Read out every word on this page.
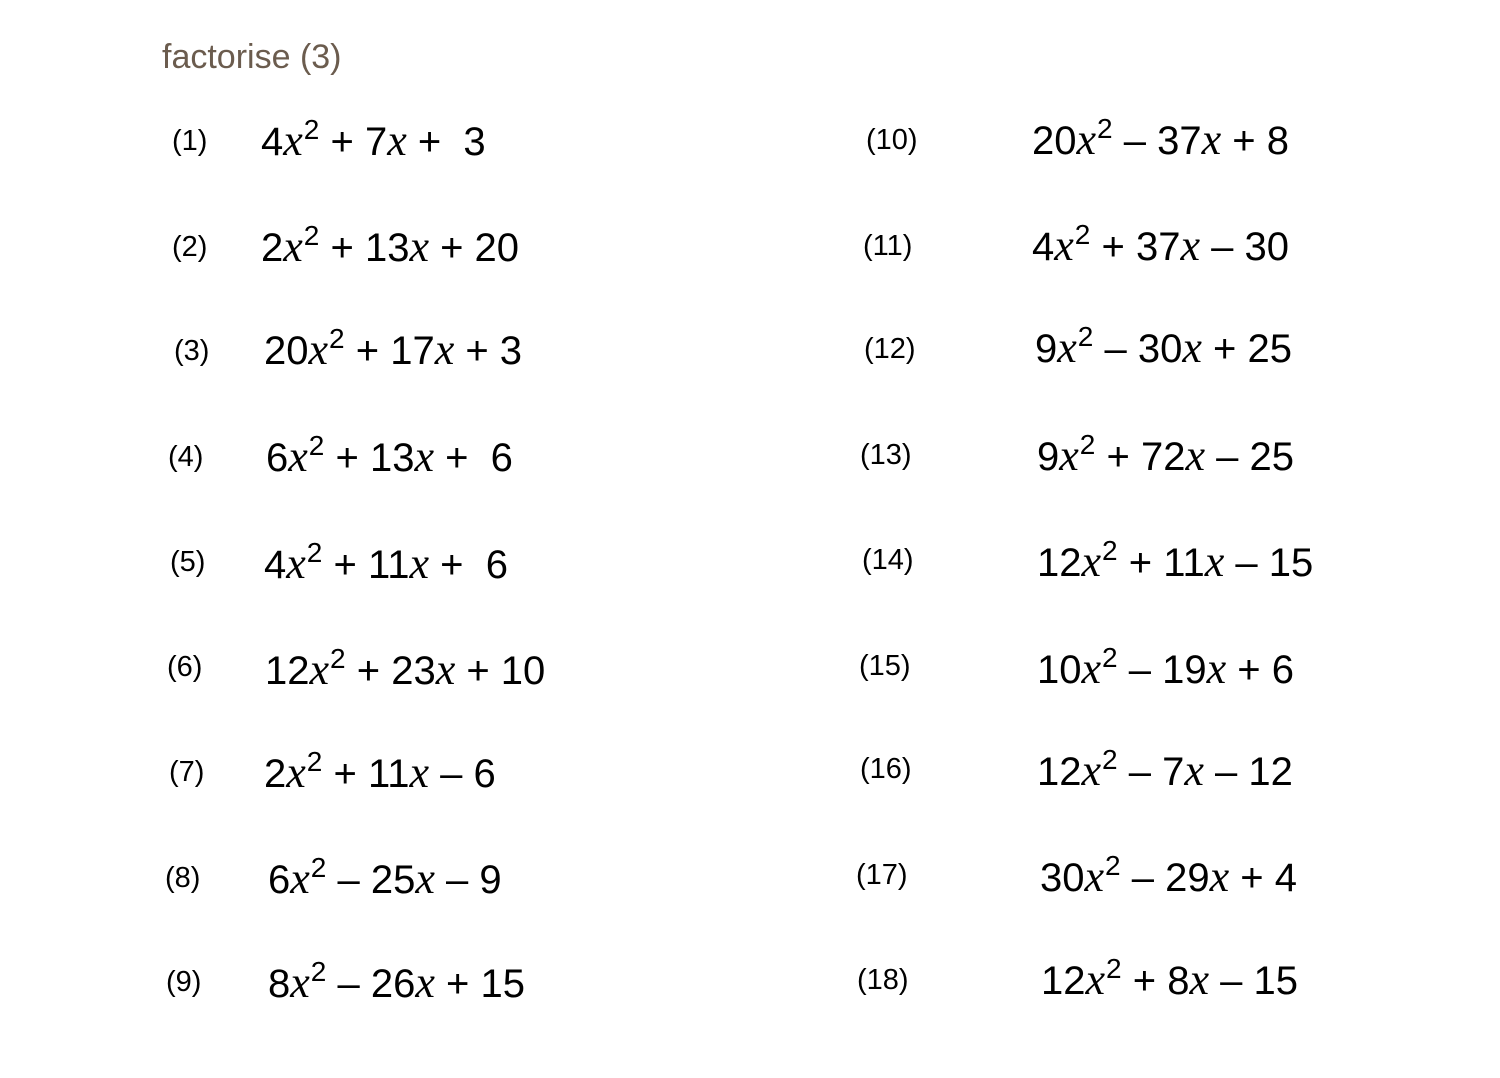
factorise (3)
(1) $4x^2 + 7x + 3$
(2) $2x^2 + 13x + 20$
(3) $20x^2 + 17x + 3$
(4) $6x^2 + 13x + 6$
(5) $4x^2 + 11x + 6$
(6) $12x^2 + 23x + 10$
(7) $2x^2 + 11x - 6$
(8) $6x^2 - 25x - 9$
(9) $8x^2 - 26x + 15$
(10)	$20x^2 - 37x + 8$
(11)	$4x^2 + 37x - 30$
(12)	$9x^2 - 30x + 25$
(13)	$9x^2 + 72x - 25$
(14)	$12x^2 + 11x - 15$
(15)	$10x^2 - 19x + 6$
(16)	$12x^2 - 7x - 12$
(17)	$30x^2 - 29x + 4$
(18)	$12x^2 + 8x - 15$
